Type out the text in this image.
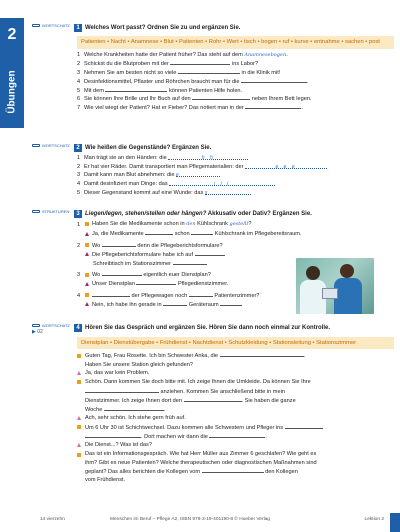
2
Übungen
WORTSCHATZ	1 Welches Wort passt? Ordnen Sie zu und ergänzen Sie.
Patienten • Nacht • Anamnese • Blut • Patienten • Rohr • Wert • tisch • bogen • ruf • kurve • entnahme • sachen • post
1 Welche Krankheiten hatte der Patient früher? Das steht auf dem Anamnesebogen.
2 Schickst du die Blutproben mit der	ins Labor?
3 Nehmen Sie am besten nicht so viele	in die Klinik mit!
4 Desinfektionsmittel, Pflaster und Röhrchen braucht man für die	.
5 Mit dem	können Patienten Hilfe holen.
6 Sie können Ihre Brille und Ihr Buch auf den	neben Ihrem Bett legen.
7 Wie viel wiegt der Patient? Hat er Fieber? Das notiert man in der	.
WORTSCHATZ	2 Wie heißen die Gegenstände? Ergänzen Sie.
1 Man trägt sie an den Händen: die	h h
2 Er hat vier Räder. Damit transportiert man Pflegematerialien: der	e e e
3 Damit kann man Blut abnehmen: die e
4 Damit desinfiziert man Dinge: das	i i i
5 Dieser Gegenstand kommt auf eine Wunde: das s
STRUKTUREN	3 Liegen/legen, stehen/stellen oder hängen? Akkusativ oder Dativ? Ergänzen Sie.
1	Haben Sie die Medikamente schon in den Kühlschrank gestellt?
Ja, die Medikamente	schon	Kühlschrank im Pflegebereitsraum.
2	Wo	denn die Pflegeberichtsformulare?
Die Pflegeberichtsformulare habe ich auf
Schreibtisch im Stationszimmer
3	Wo	eigentlich euer Dienstplan?
Unser Dienstplan	Pflegedienstzimmer.
4	der Pflegewagen noch	Patientenzimmer?
Nein, ich habe ihn gerade in	Geräteraum
WORTSCHATZ
▶ 02
4 Hören Sie das Gespräch und ergänzen Sie. Hören Sie dann noch einmal zur Kontrolle.
Dienstplan • Dienstübergabe • Frühdienst • Nachtdienst • Schutzkleidung • Stationsleitung • Stationszimmer
Guten Tag, Frau Rosette. Ich bin Schwester Anka, die	.
Haben Sie unsere Station gleich gefunden?
Ja, das war kein Problem.
Schön. Dann kommen Sie doch bitte mit. Ich zeige Ihnen die Umkleide. Da können Sie Ihre
anziehen. Kommen Sie anschließend bitte in mein
Dienstzimmer. Ich zeige Ihnen dort den	. Sie haben die ganze
Woche	.
Ach, sehr schön. Ich stehe gern früh auf.
Um 6 Uhr 30 ist Schichtwechsel. Dazu kommen alle Schwestern und Pfleger ins
. Dort machen wir dann die	.
Die Dienst...? Was ist das?
Das ist ein Informationsgespräch. Wie hat Herr Müller aus Zimmer 6 geschlafen? Wie geht es
ihm? Gibt es neue Patienten? Welche therapeutischen oder diagnostischen Maßnahmen sind
geplant? Das alles berichten die Kollegen vom	den Kollegen
vom Frühdienst.
14 vierzehn	Menschen im Beruf – Pflege A2, ISBN 978-3-19-401190-8 © Hueber Verlag	Lektion 2
